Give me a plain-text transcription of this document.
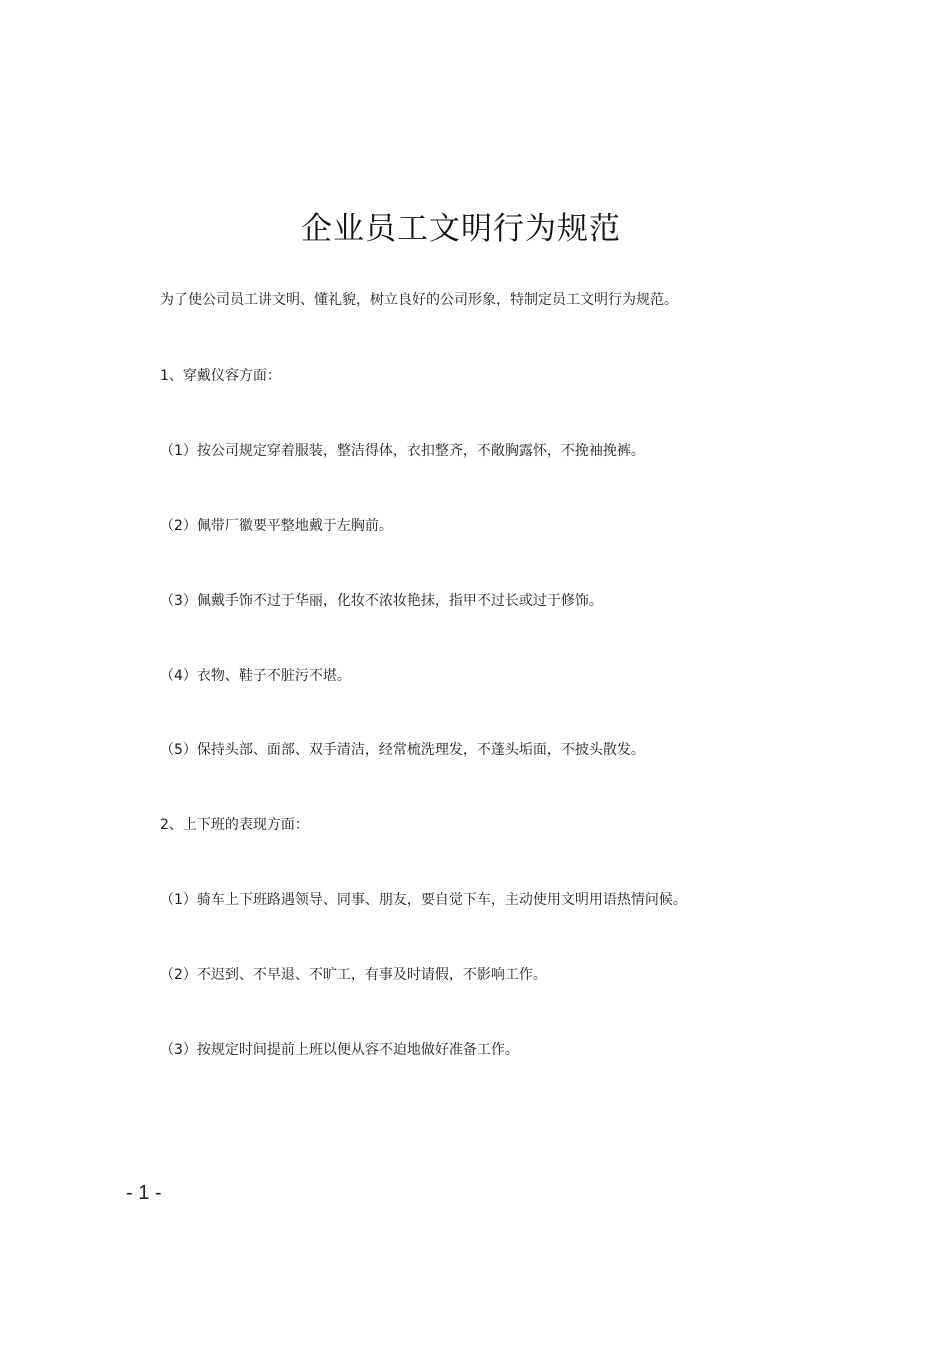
企业员工文明行为规范
为了使公司员工讲文明、懂礼貌，树立良好的公司形象，特制定员工文明行为规范。
1、穿戴仪容方面：
（1）按公司规定穿着服装，整洁得体，衣扣整齐，不敞胸露怀，不挽袖挽裤。
（2）佩带厂徽要平整地戴于左胸前。
（3）佩戴手饰不过于华丽，化妆不浓妆艳抹，指甲不过长或过于修饰。
（4）衣物、鞋子不脏污不堪。
（5）保持头部、面部、双手清洁，经常梳洗理发，不蓬头垢面，不披头散发。
2、上下班的表现方面：
（1）骑车上下班路遇领导、同事、朋友，要自觉下车，主动使用文明用语热情问候。
（2）不迟到、不早退、不旷工，有事及时请假，不影响工作。
（3）按规定时间提前上班以便从容不迫地做好准备工作。
- 1 -
